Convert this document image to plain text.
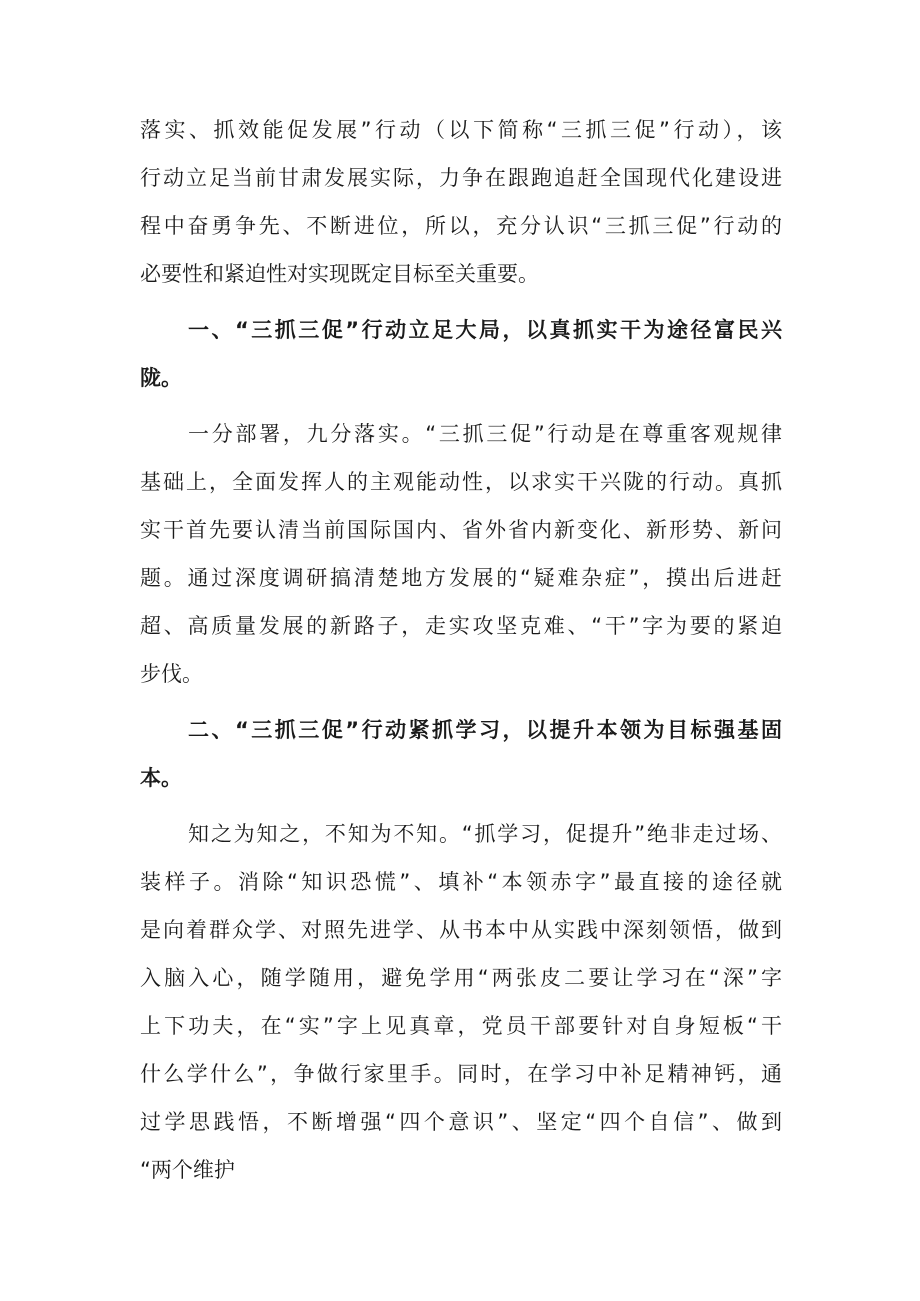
落实、抓效能促发展”行动（以下简称“三抓三促”行动），该
行动立足当前甘肃发展实际，力争在跟跑追赶全国现代化建设进
程中奋勇争先、不断进位，所以，充分认识“三抓三促”行动的
必要性和紧迫性对实现既定目标至关重要。
一、“三抓三促”行动立足大局，以真抓实干为途径富民兴
陇。
一分部署，九分落实。“三抓三促”行动是在尊重客观规律
基础上，全面发挥人的主观能动性，以求实干兴陇的行动。真抓
实干首先要认清当前国际国内、省外省内新变化、新形势、新问
题。通过深度调研搞清楚地方发展的“疑难杂症”，摸出后进赶
超、高质量发展的新路子，走实攻坚克难、“干”字为要的紧迫
步伐。
二、“三抓三促”行动紧抓学习，以提升本领为目标强基固
本。
知之为知之，不知为不知。“抓学习，促提升”绝非走过场、
装样子。消除“知识恐慌”、填补“本领赤字”最直接的途径就
是向着群众学、对照先进学、从书本中从实践中深刻领悟，做到
入脑入心，随学随用，避免学用“两张皮二要让学习在“深”字
上下功夫，在“实”字上见真章，党员干部要针对自身短板“干
什么学什么”，争做行家里手。同时，在学习中补足精神钙，通
过学思践悟，不断增强“四个意识”、坚定“四个自信”、做到
“两个维护
